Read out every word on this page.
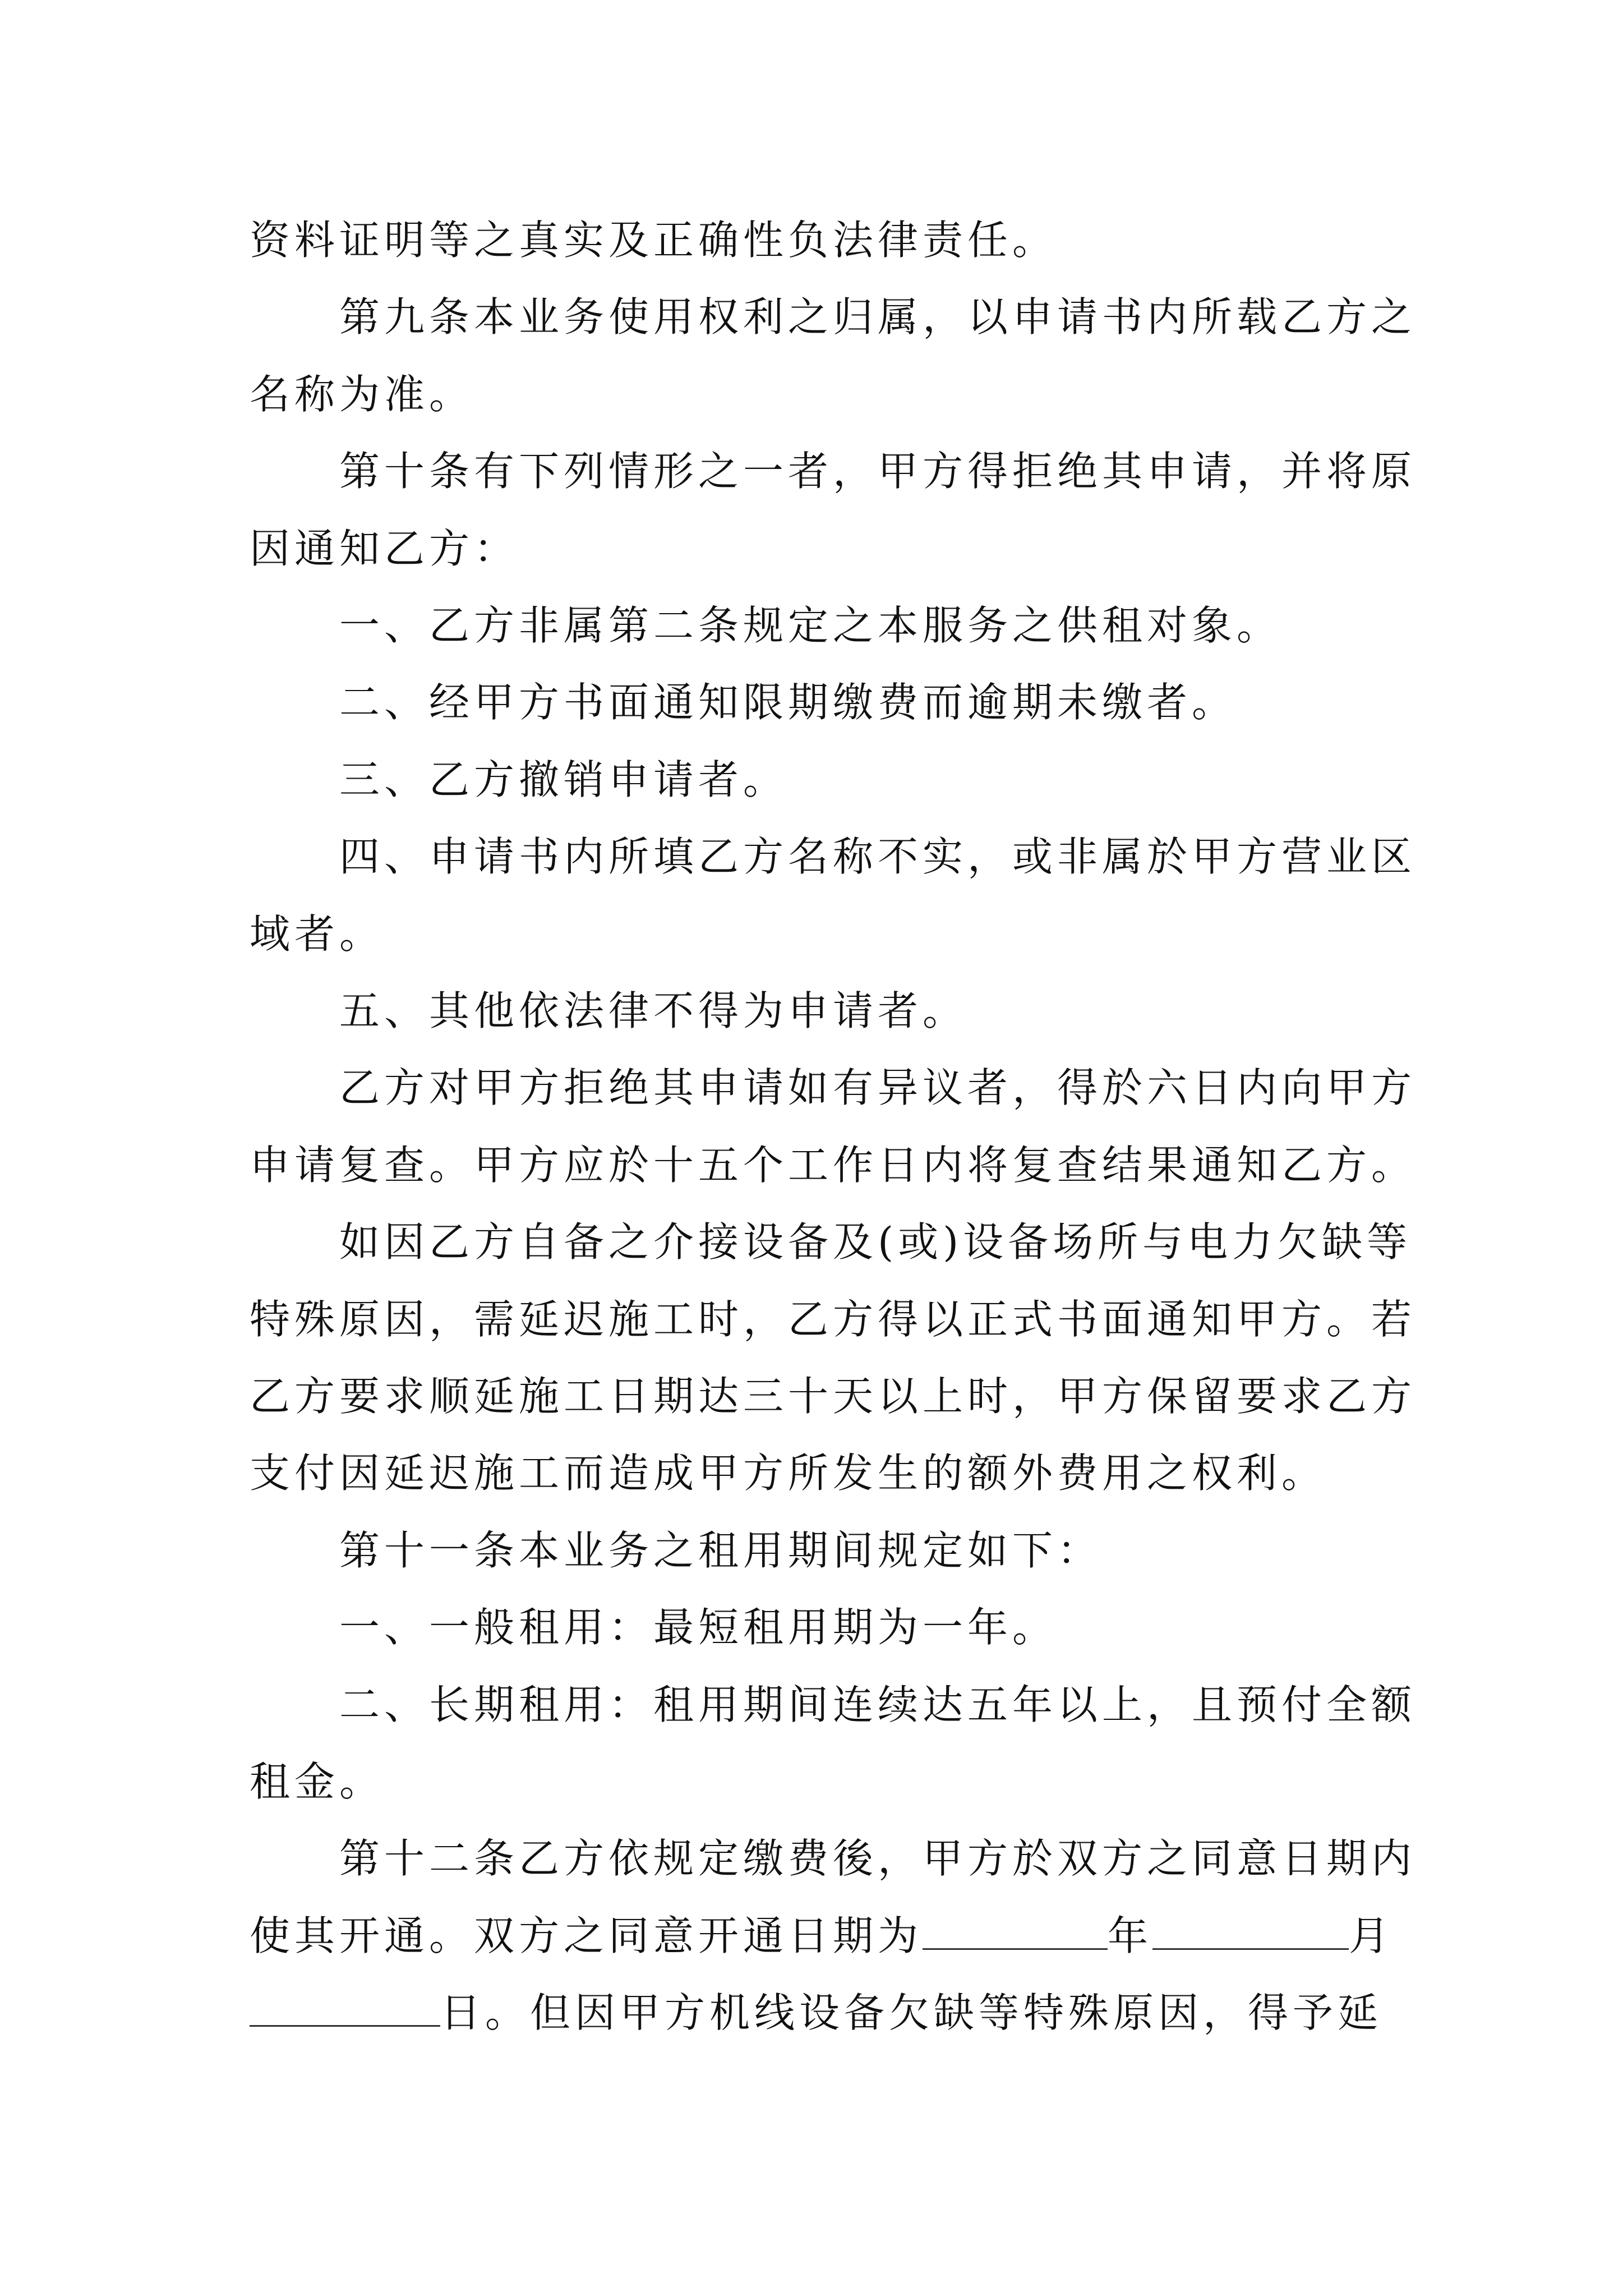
资料证明等之真实及正确性负法律责任。
第九条本业务使用权利之归属，以申请书内所载乙方之
名称为准。
第十条有下列情形之一者，甲方得拒绝其申请，并将原
因通知乙方：
一、乙方非属第二条规定之本服务之供租对象。
二、经甲方书面通知限期缴费而逾期未缴者。
三、乙方撤销申请者。
四、申请书内所填乙方名称不实，或非属於甲方营业区
域者。
五、其他依法律不得为申请者。
乙方对甲方拒绝其申请如有异议者，得於六日内向甲方
申请复查。甲方应於十五个工作日内将复查结果通知乙方。
如因乙方自备之介接设备及(或)设备场所与电力欠缺等
特殊原因，需延迟施工时，乙方得以正式书面通知甲方。若
乙方要求顺延施工日期达三十天以上时，甲方保留要求乙方
支付因延迟施工而造成甲方所发生的额外费用之权利。
第十一条本业务之租用期间规定如下：
一、一般租用：最短租用期为一年。
二、长期租用：租用期间连续达五年以上，且预付全额
租金。
第十二条乙方依规定缴费後，甲方於双方之同意日期内
使其开通。双方之同意开通日期为	年	月
日。但因甲方机线设备欠缺等特殊原因，得予延
